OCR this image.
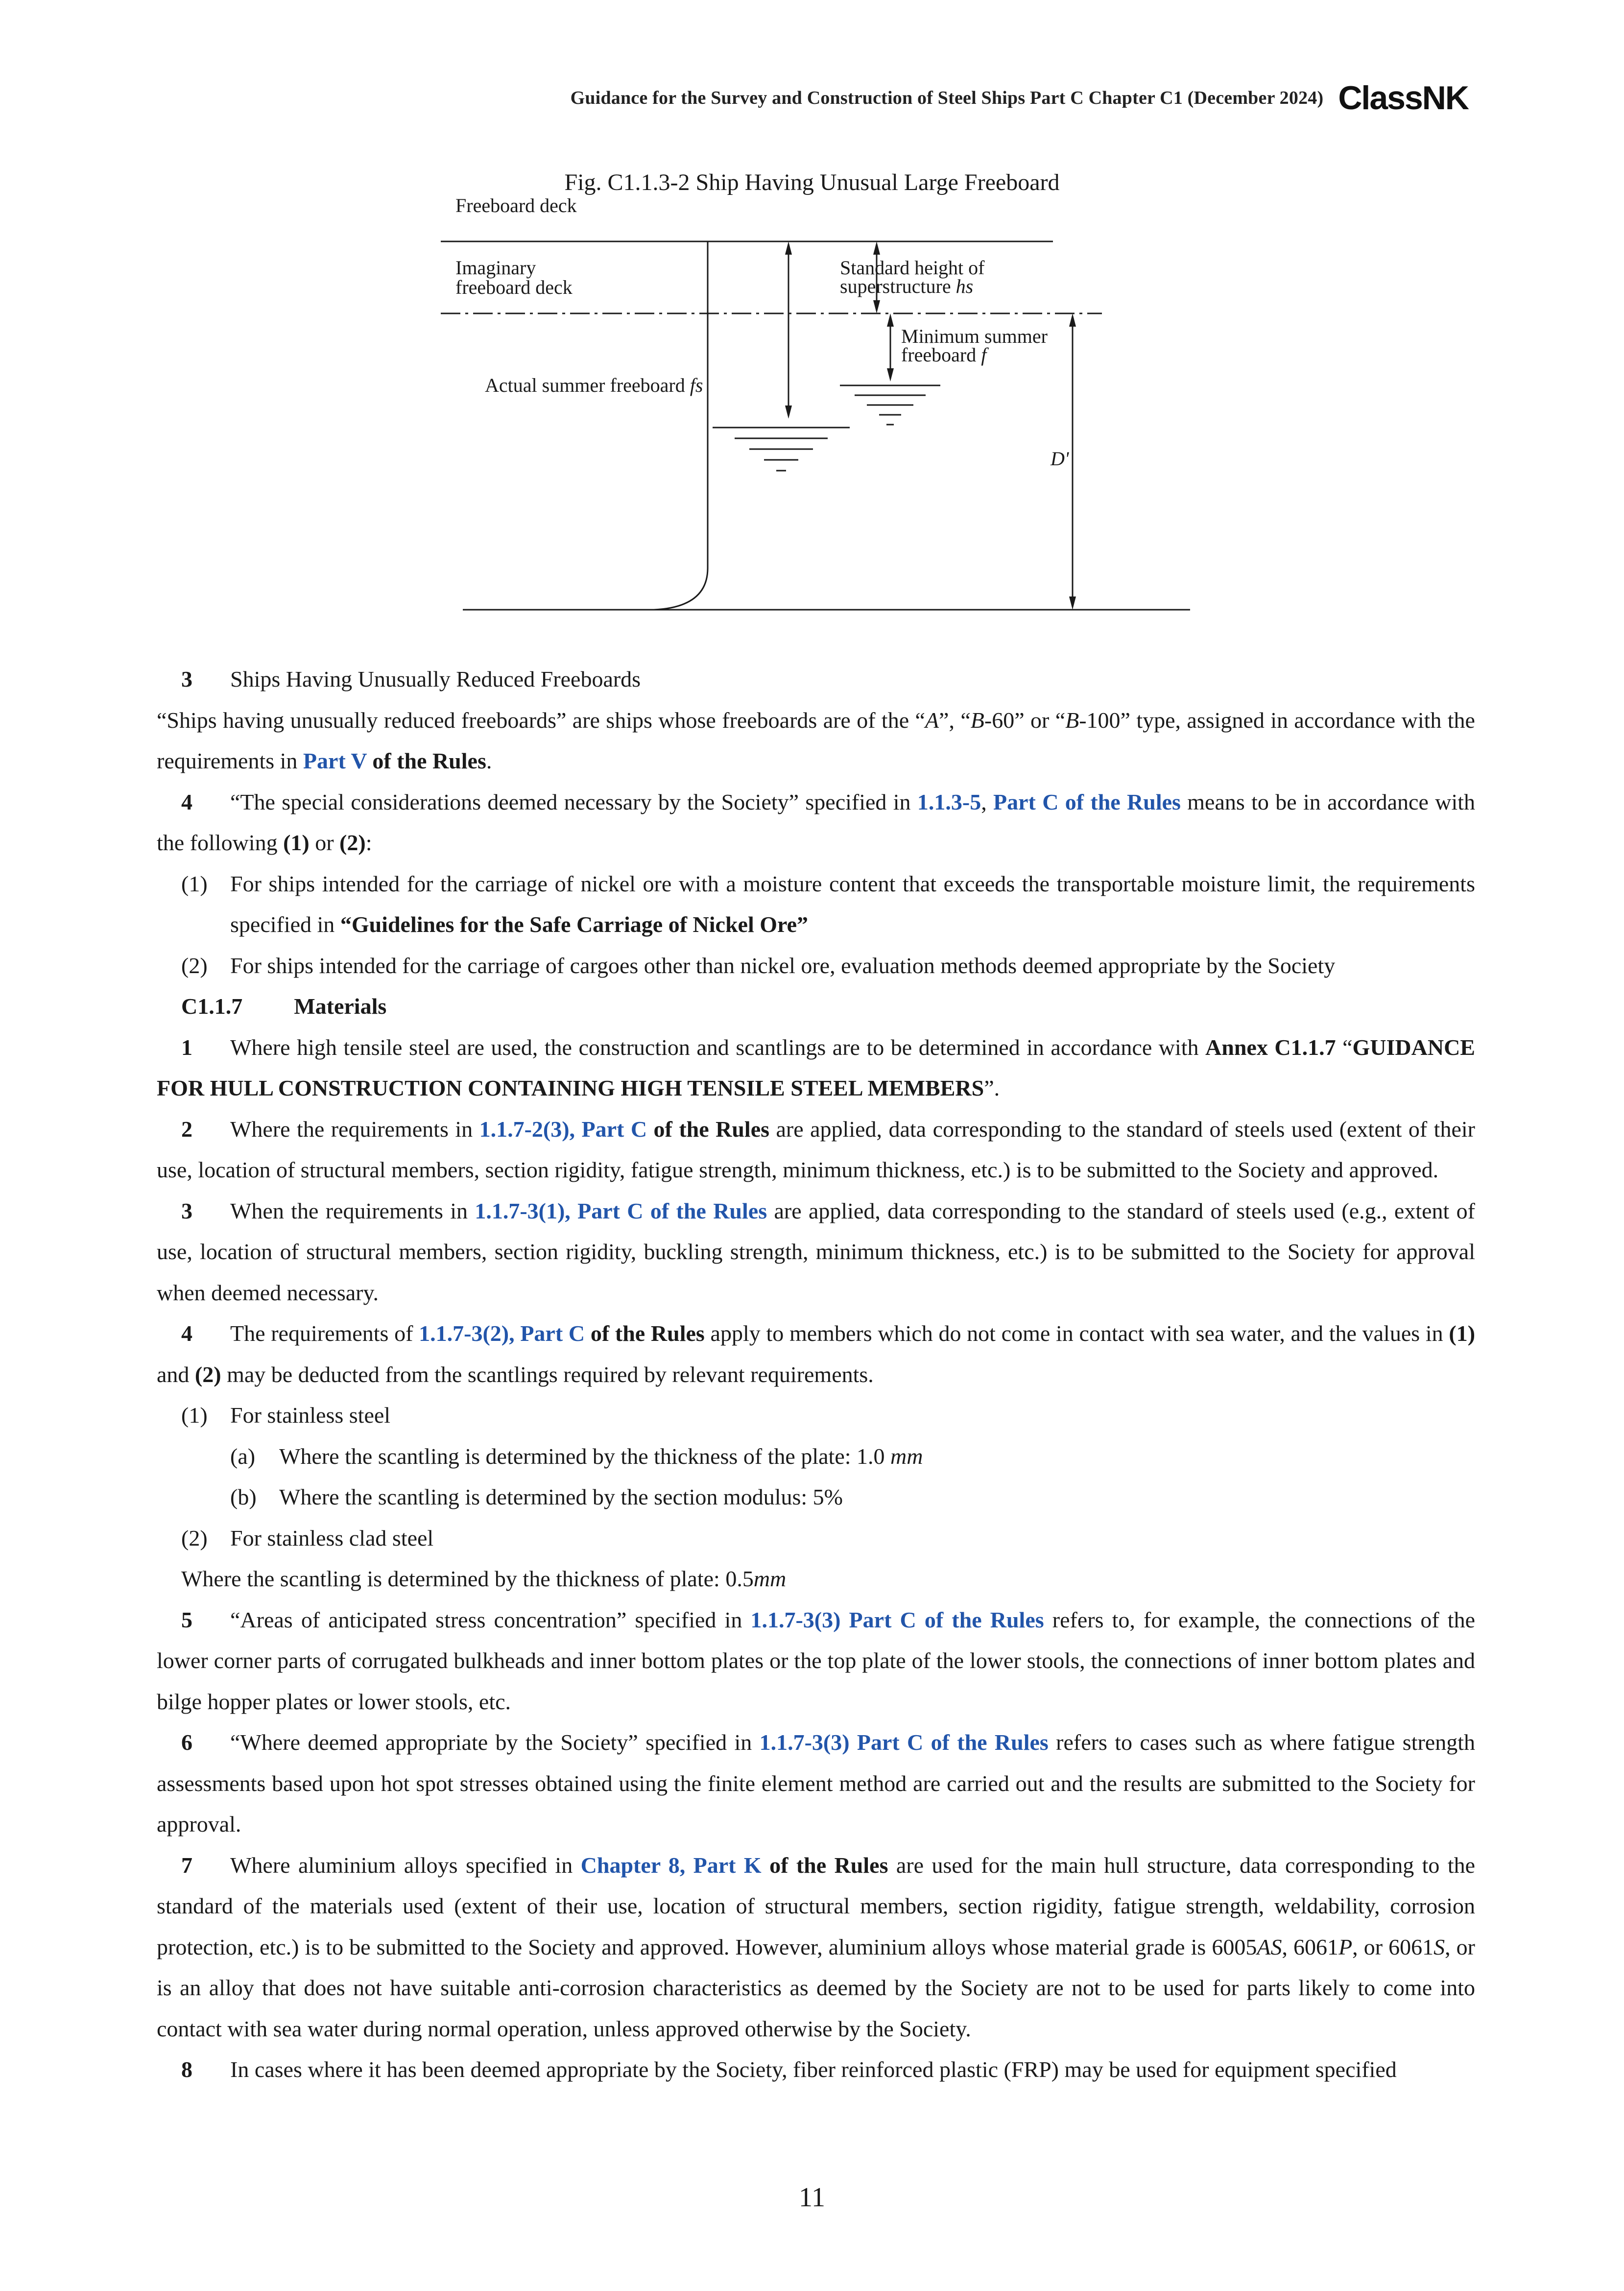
Guidance for the Survey and Construction of Steel Ships Part C Chapter C1 (December 2024) ClassNK
Fig. C1.1.3-2 Ship Having Unusual Large Freeboard
Freeboard deck
Imaginary
freeboard deck
Standard height of
superstructure hs
Minimum summer
freeboard f
Actual summer freeboard fs
D'

3 Ships Having Unusually Reduced Freeboards

“Ships having unusually reduced freeboards” are ships whose freeboards are of the “A”, “B-60” or “B-100” type, assigned in accordance with the requirements in Part V of the Rules.

4 “The special considerations deemed necessary by the Society” specified in 1.1.3-5, Part C of the Rules means to be in accordance with the following (1) or (2):

(1) For ships intended for the carriage of nickel ore with a moisture content that exceeds the transportable moisture limit, the requirements specified in “Guidelines for the Safe Carriage of Nickel Ore”
(2) For ships intended for the carriage of cargoes other than nickel ore, evaluation methods deemed appropriate by the Society
C1.1.7 Materials

1 Where high tensile steel are used, the construction and scantlings are to be determined in accordance with Annex C1.1.7 “GUIDANCE FOR HULL CONSTRUCTION CONTAINING HIGH TENSILE STEEL MEMBERS”.

2 Where the requirements in 1.1.7-2(3), Part C of the Rules are applied, data corresponding to the standard of steels used (extent of their use, location of structural members, section rigidity, fatigue strength, minimum thickness, etc.) is to be submitted to the Society and approved.

3 When the requirements in 1.1.7-3(1), Part C of the Rules are applied, data corresponding to the standard of steels used (e.g., extent of use, location of structural members, section rigidity, buckling strength, minimum thickness, etc.) is to be submitted to the Society for approval when deemed necessary.

4 The requirements of 1.1.7-3(2), Part C of the Rules apply to members which do not come in contact with sea water, and the values in (1) and (2) may be deducted from the scantlings required by relevant requirements.

(1) For stainless steel
(a) Where the scantling is determined by the thickness of the plate: 1.0 mm
(b) Where the scantling is determined by the section modulus: 5%
(2) For stainless clad steel

Where the scantling is determined by the thickness of plate: 0.5mm

5 “Areas of anticipated stress concentration” specified in 1.1.7-3(3) Part C of the Rules refers to, for example, the connections of the lower corner parts of corrugated bulkheads and inner bottom plates or the top plate of the lower stools, the connections of inner bottom plates and bilge hopper plates or lower stools, etc.

6 “Where deemed appropriate by the Society” specified in 1.1.7-3(3) Part C of the Rules refers to cases such as where fatigue strength assessments based upon hot spot stresses obtained using the finite element method are carried out and the results are submitted to the Society for approval.

7 Where aluminium alloys specified in Chapter 8, Part K of the Rules are used for the main hull structure, data corresponding to the standard of the materials used (extent of their use, location of structural members, section rigidity, fatigue strength, weldability, corrosion protection, etc.) is to be submitted to the Society and approved. However, aluminium alloys whose material grade is 6005AS, 6061P, or 6061S, or is an alloy that does not have suitable anti-corrosion characteristics as deemed by the Society are not to be used for parts likely to come into contact with sea water during normal operation, unless approved otherwise by the Society.

8 In cases where it has been deemed appropriate by the Society, fiber reinforced plastic (FRP) may be used for equipment specified

11
